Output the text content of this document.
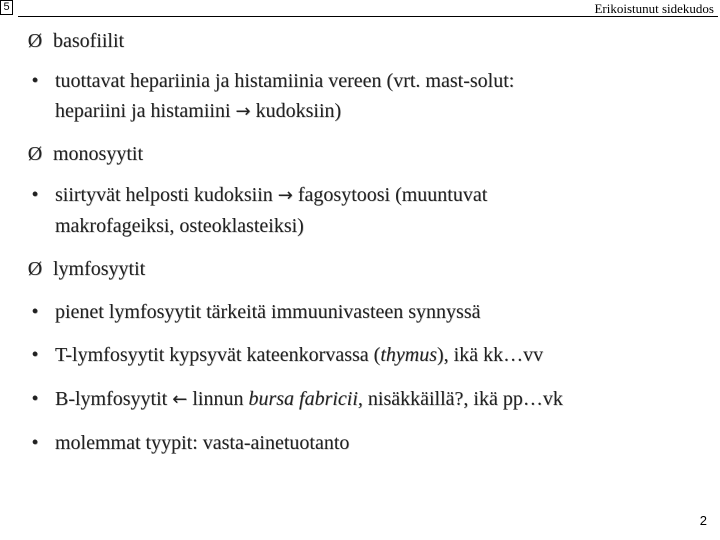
5	Erikoistunut sidekudos
Ø basofiilit
• tuottavat hepariinia ja histamiinia vereen (vrt. mast-solut:
hepariini ja histamiini → kudoksiin)
Ø monosyytit
• siirtyvät helposti kudoksiin → fagosytoosi (muuntuvat
makrofageiksi, osteoklasteiksi)
Ø lymfosyytit
• pienet lymfosyytit tärkeitä immuunivasteen synnyssä
• T-lymfosyytit kypsyvät kateenkorvassa (thymus), ikä kk…vv
• B-lymfosyytit ← linnun bursa fabricii, nisäkkäillä?, ikä pp…vk
• molemmat tyypit: vasta-ainetuotanto
2
